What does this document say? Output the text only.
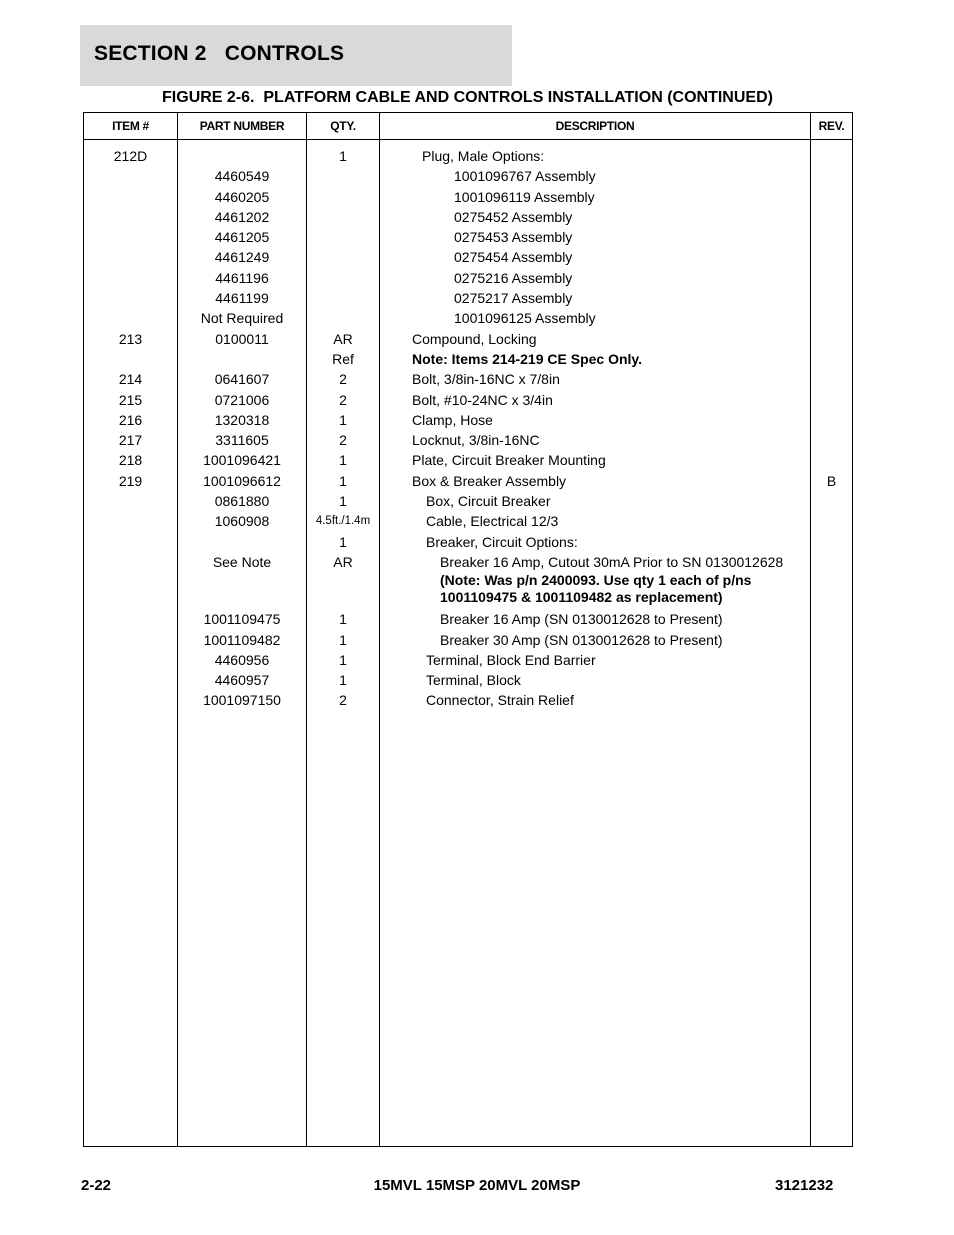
SECTION 2   CONTROLS
FIGURE 2-6.  PLATFORM CABLE AND CONTROLS INSTALLATION (CONTINUED)
ITEM #	PART NUMBER	QTY.	DESCRIPTION	REV.

212D		1	Plug, Male Options:	
	4460549		1001096767 Assembly	
	4460205		1001096119 Assembly	
	4461202		0275452 Assembly	
	4461205		0275453 Assembly	
	4461249		0275454 Assembly	
	4461196		0275216 Assembly	
	4461199		0275217 Assembly	
	Not Required		1001096125 Assembly	
213	0100011	AR	Compound, Locking	
		Ref	Note: Items 214-219 CE Spec Only.	
214	0641607	2	Bolt, 3/8in-16NC x 7/8in	
215	0721006	2	Bolt, #10-24NC x 3/4in	
216	1320318	1	Clamp, Hose	
217	3311605	2	Locknut, 3/8in-16NC	
218	1001096421	1	Plate, Circuit Breaker Mounting	
219	1001096612	1	Box & Breaker Assembly	B
	0861880	1	Box, Circuit Breaker	
	1060908	4.5ft./1.4m	Cable, Electrical 12/3	
		1	Breaker, Circuit Options:	
	See Note	AR	Breaker 16 Amp, Cutout 30mA Prior to SN 0130012628
(Note: Was p/n 2400093. Use qty 1 each of p/ns
1001109475 & 1001109482 as replacement)	

	1001109475	1	Breaker 16 Amp (SN 0130012628 to Present)	
	1001109482	1	Breaker 30 Amp (SN 0130012628 to Present)	
	4460956	1	Terminal, Block End Barrier	
	4460957	1	Terminal, Block	
	1001097150	2	Connector, Strain Relief	

2-22	15MVL 15MSP 20MVL 20MSP	3121232
